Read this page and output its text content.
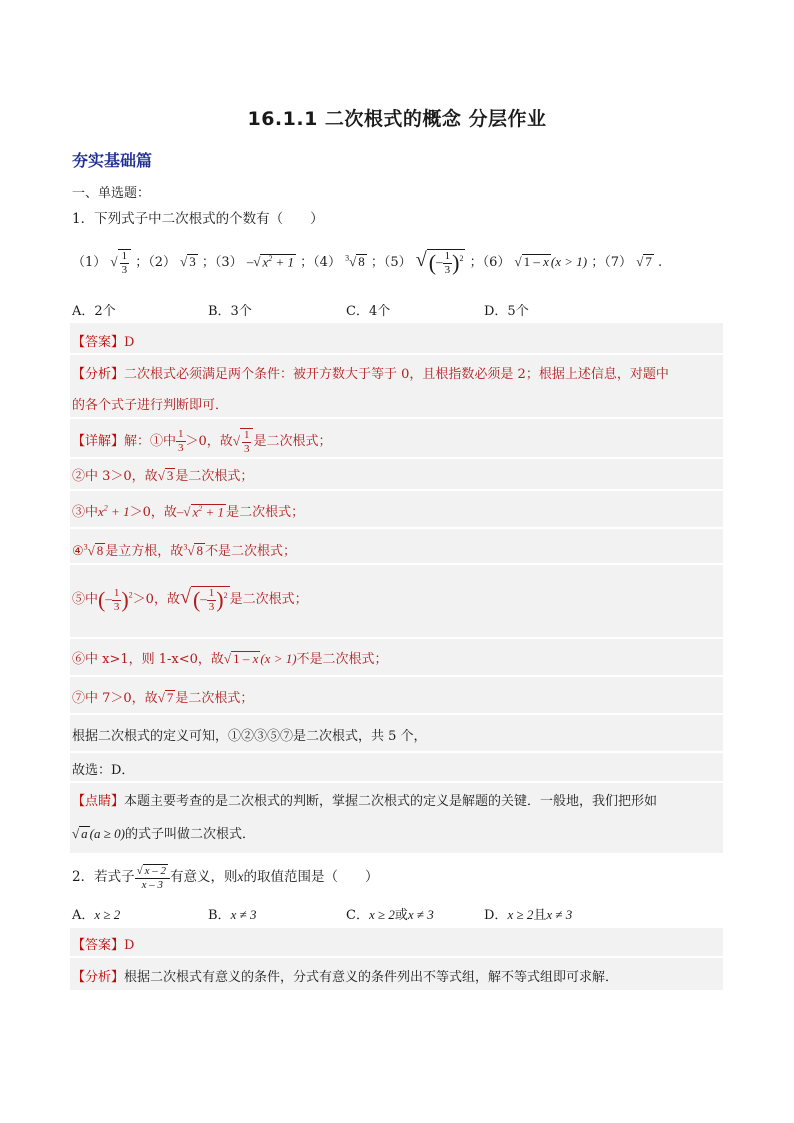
16.1.1 二次根式的概念 分层作业
夯实基础篇
一、单选题：
1．下列式子中二次根式的个数有（　　）
（1） √ $\frac{1}{3}$ ；（2） √ 3 ；（3） –√ $x^2 + 1$ ；（4） $^3$√ 8 ；（5） √(– $\frac{1}{3} )^2$ ；（6） √ 1 – x (x > 1) ；（7） √ 7 .
A．2个	B．3个	C．4个	D．5个
【答案】D
【分析】二次根式必须满足两个条件：被开方数大于等于 0，且根指数必须是 2；根据上述信息，对题中
的各个式子进行判断即可．
【详解】解：①中 $\frac{1}{3} >0$，故√ $\frac{1}{3}$ 是二次根式；
②中 3＞0，故√ 3 是二次根式；
③中$x^2 + 1>0$，故–√ $x^2 + 1$ 是二次根式；
④$^3$√ 8 是立方根，故$^3$√ 8 不是二次根式；
⑤中(– $\frac{1}{3} )^2>0$，故√(– $\frac{1}{3} )^2$ 是二次根式；
⑥中 x>1，则 1-x<0，故√ 1 – x (x > 1)不是二次根式；
⑦中 7＞0，故√ 7 是二次根式；
根据二次根式的定义可知，①②③⑤⑦是二次根式，共 5 个，
故选：D．
【点睛】本题主要考查的是二次根式的判断，掌握二次根式的定义是解题的关键．一般地，我们把形如
√ a (a ≥ 0)的式子叫做二次根式．
2．若式子 $\frac{√ x - 2}{x - 3}$ 有意义，则x的取值范围是（　　）
A．x ≥ 2	B．x ≠ 3	C．x ≥ 2或x ≠ 3	D．x ≥ 2且x ≠ 3
【答案】D
【分析】根据二次根式有意义的条件，分式有意义的条件列出不等式组，解不等式组即可求解．
